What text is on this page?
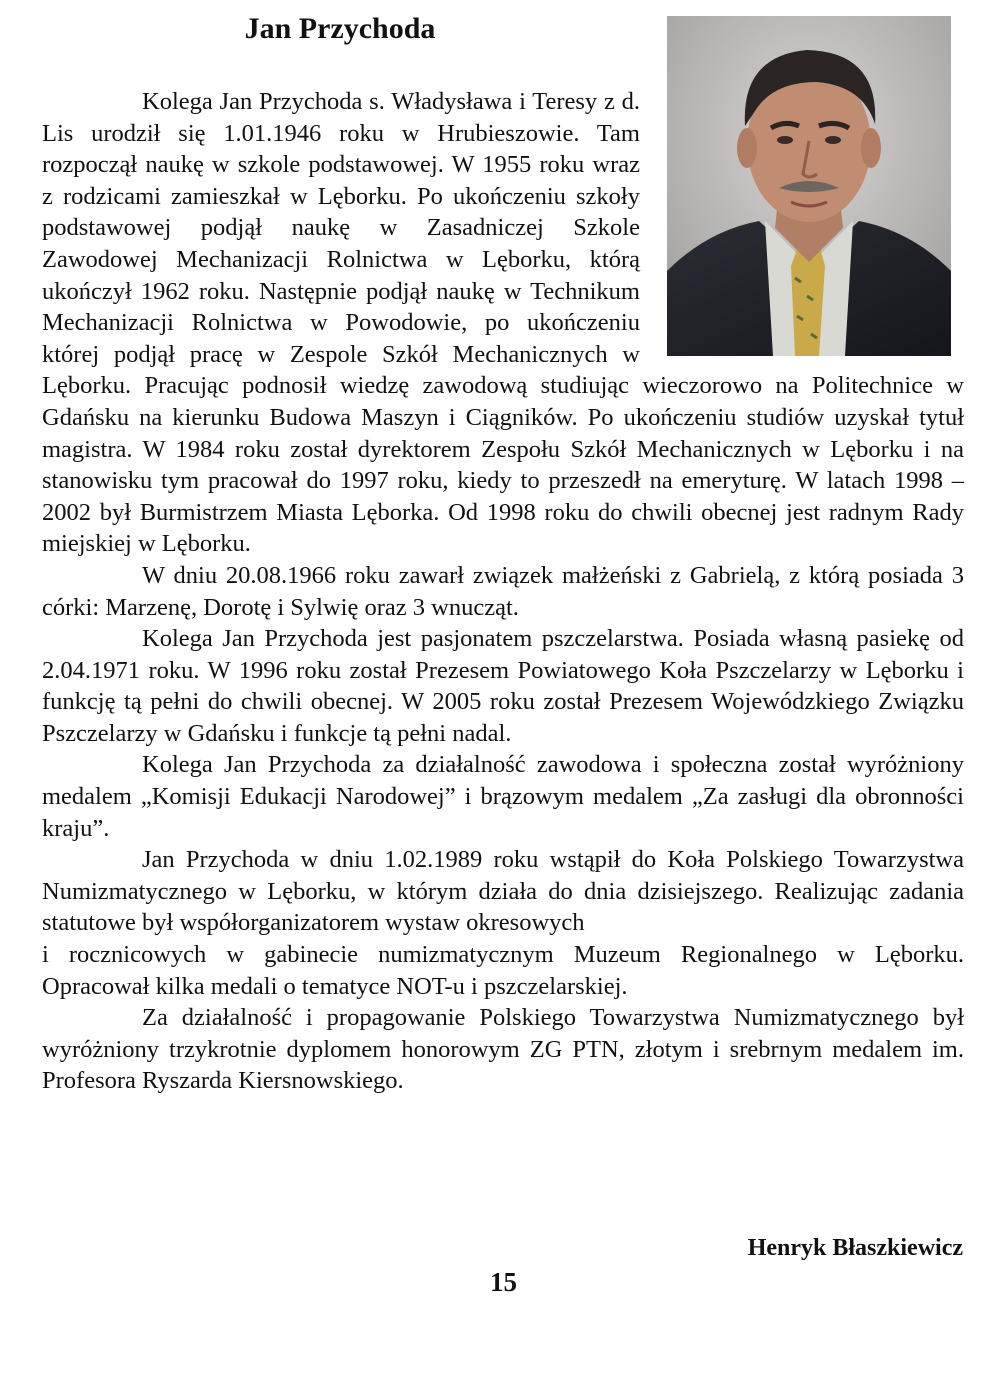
Jan Przychoda

Kolega Jan Przychoda s. Władysława i Teresy z d. Lis urodził się 1.01.1946 roku w Hrubieszowie. Tam rozpoczął naukę w szkole podstawowej. W 1955 roku wraz z rodzicami zamieszkał w Lęborku. Po ukończeniu szkoły podstawowej podjął naukę w Zasadniczej Szkole Zawodowej Mechanizacji Rolnictwa w Lęborku, którą ukończył 1962 roku. Następnie podjął naukę w Technikum Mechanizacji Rolnictwa w Powodowie, po ukończeniu której podjął pracę w Zespole Szkół Mechanicznych w Lęborku. Pracując podnosił wiedzę zawodową studiując wieczorowo na Politechnice w Gdańsku na kierunku Budowa Maszyn i Ciągników. Po ukończeniu studiów uzyskał tytuł magistra. W 1984 roku został dyrektorem Zespołu Szkół Mechanicznych w Lęborku i na stanowisku tym pracował do 1997 roku, kiedy to przeszedł na emeryturę. W latach 1998 –2002 był Burmistrzem Miasta Lęborka. Od 1998 roku do chwili obecnej jest radnym Rady miejskiej w Lęborku.

W dniu 20.08.1966 roku zawarł związek małżeński z Gabrielą, z którą posiada 3 córki: Marzenę, Dorotę i Sylwię oraz 3 wnucząt.

Kolega Jan Przychoda jest pasjonatem pszczelarstwa. Posiada własną pasiekę od 2.04.1971 roku. W 1996 roku został Prezesem Powiatowego Koła Pszczelarzy w Lęborku i funkcję tą pełni do chwili obecnej. W 2005 roku został Prezesem Wojewódzkiego Związku Pszczelarzy w Gdańsku i funkcje tą pełni nadal.

Kolega Jan Przychoda za działalność zawodowa i społeczna został wyróżniony medalem „Komisji Edukacji Narodowej” i brązowym medalem „Za zasługi dla obronności kraju”.

Jan Przychoda w dniu 1.02.1989 roku wstąpił do Koła Polskiego Towarzystwa Numizmatycznego w Lęborku, w którym działa do dnia dzisiejszego. Realizując zadania statutowe był współorganizatorem wystaw okresowych

i rocznicowych w gabinecie numizmatycznym Muzeum Regionalnego w Lęborku. Opracował kilka medali o tematyce NOT-u i pszczelarskiej.

Za działalność i propagowanie Polskiego Towarzystwa Numizmatycznego był wyróżniony trzykrotnie dyplomem honorowym ZG PTN, złotym i srebrnym medalem im. Profesora Ryszarda Kiersnowskiego.

Henryk Błaszkiewicz

15
